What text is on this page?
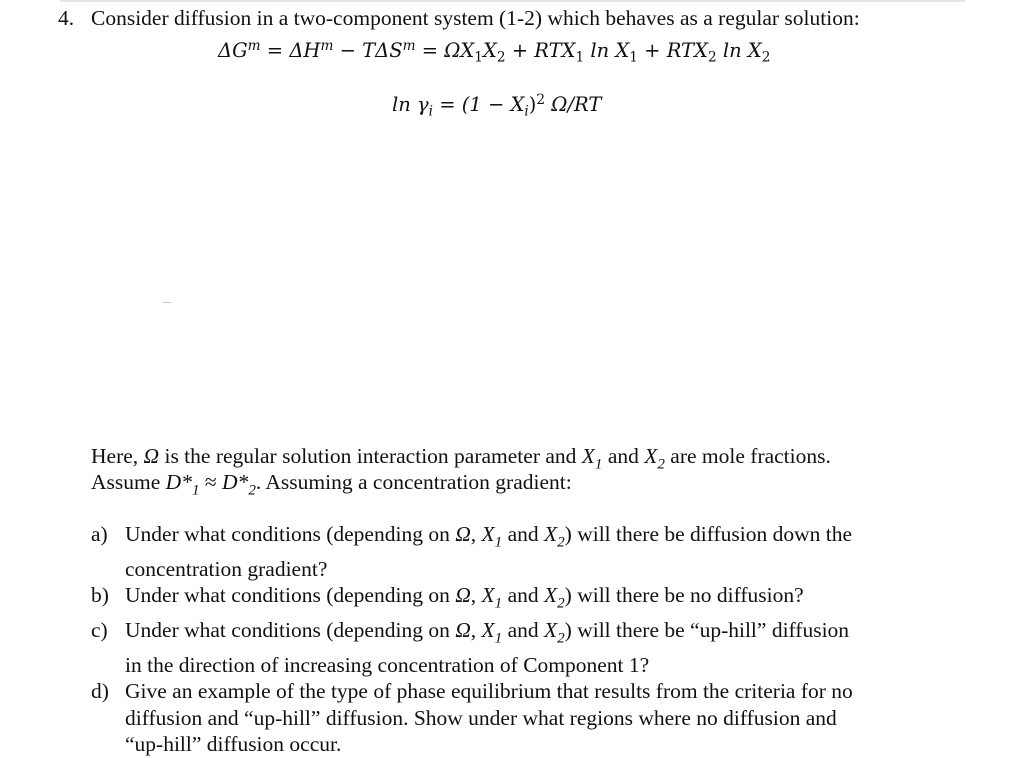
4. Consider diffusion in a two-component system (1-2) which behaves as a regular solution:
$\Delta G^m = \Delta H^m - T\Delta S^m = \Omega X_1X_2 + RTX_1$ $\ln X_1 + RTX_2$ $\ln X_2$
$\ln \gamma_i = (1 - X_i)^2$ Ω/RT
Here, Ω is the regular solution interaction parameter and $X_1$ and $X_2$ are mole fractions.
Assume $D*_1 \approx D*_2$. Assuming a concentration gradient:
a) Under what conditions (depending on Ω, $X_1$ and $X_2$) will there be diffusion down the
concentration gradient?
b) Under what conditions (depending on Ω, $X_1$ and $X_2$) will there be no diffusion?
c) Under what conditions (depending on Ω, $X_1$ and $X_2$) will there be “up-hill” diffusion
in the direction of increasing concentration of Component 1?
d) Give an example of the type of phase equilibrium that results from the criteria for no
diffusion and “up-hill” diffusion. Show under what regions where no diffusion and
“up-hill” diffusion occur.
